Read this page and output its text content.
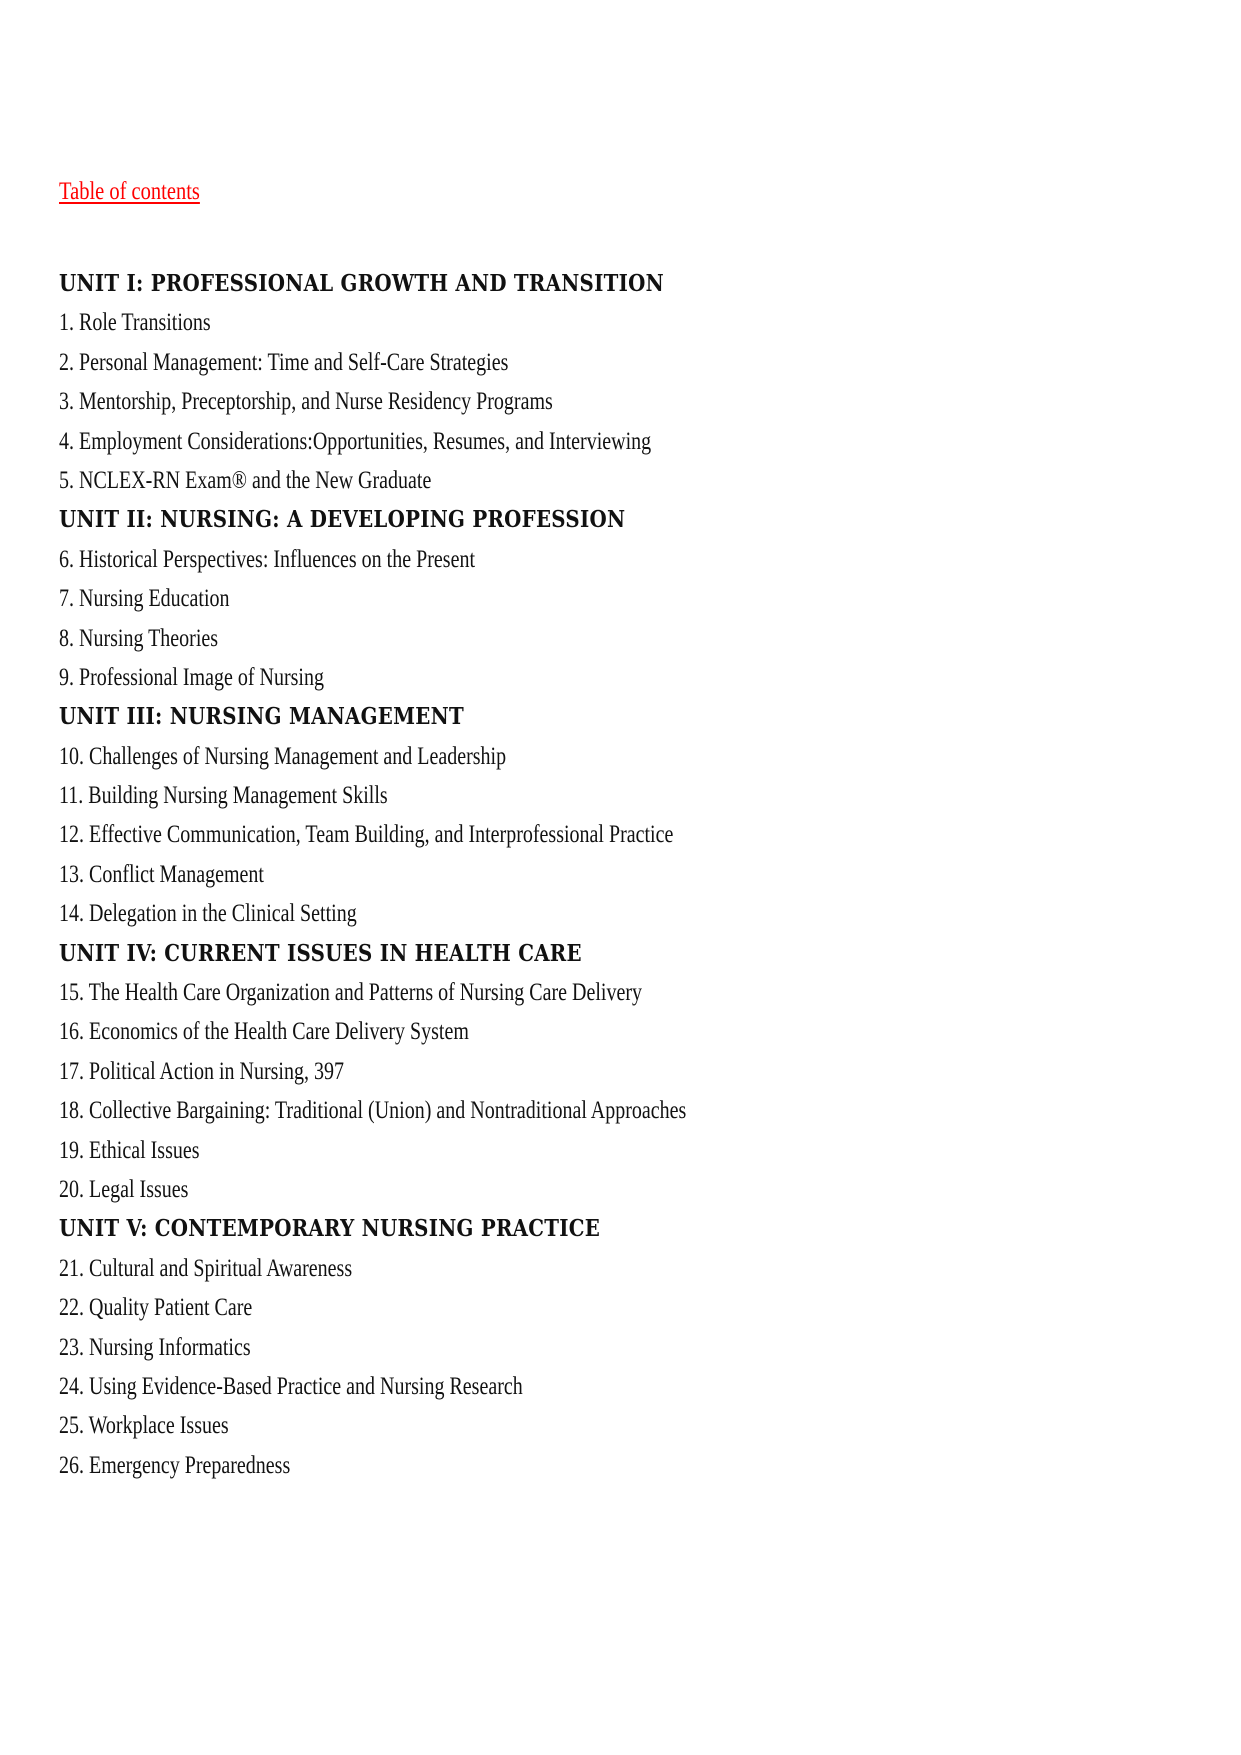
Table of contents
UNIT I: PROFESSIONAL GROWTH AND TRANSITION
1. Role Transitions
2. Personal Management: Time and Self-Care Strategies
3. Mentorship, Preceptorship, and Nurse Residency Programs
4. Employment Considerations:Opportunities, Resumes, and Interviewing
5. NCLEX-RN Exam® and the New Graduate
UNIT II: NURSING: A DEVELOPING PROFESSION
6. Historical Perspectives: Influences on the Present
7. Nursing Education
8. Nursing Theories
9. Professional Image of Nursing
UNIT III: NURSING MANAGEMENT
10. Challenges of Nursing Management and Leadership
11. Building Nursing Management Skills
12. Effective Communication, Team Building, and Interprofessional Practice
13. Conflict Management
14. Delegation in the Clinical Setting
UNIT IV: CURRENT ISSUES IN HEALTH CARE
15. The Health Care Organization and Patterns of Nursing Care Delivery
16. Economics of the Health Care Delivery System
17. Political Action in Nursing, 397
18. Collective Bargaining: Traditional (Union) and Nontraditional Approaches
19. Ethical Issues
20. Legal Issues
UNIT V: CONTEMPORARY NURSING PRACTICE
21. Cultural and Spiritual Awareness
22. Quality Patient Care
23. Nursing Informatics
24. Using Evidence-Based Practice and Nursing Research
25. Workplace Issues
26. Emergency Preparedness
